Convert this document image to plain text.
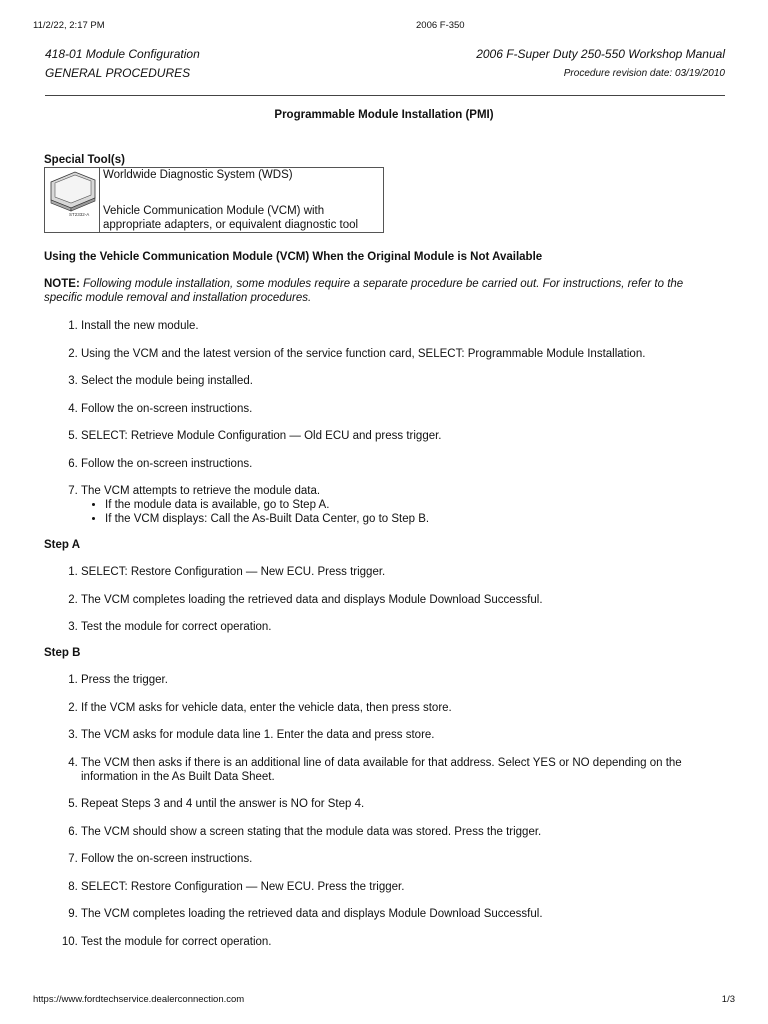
11/2/22, 2:17 PM	2006 F-350
418-01 Module Configuration
GENERAL PROCEDURES
2006 F-Super Duty 250-550 Workshop Manual
Procedure revision date: 03/19/2010
Programmable Module Installation (PMI)
Special Tool(s)
ST2332-A

Worldwide Diagnostic System (WDS)

Vehicle Communication Module (VCM) with appropriate adapters, or equivalent diagnostic tool

Using the Vehicle Communication Module (VCM) When the Original Module is Not Available

NOTE: Following module installation, some modules require a separate procedure be carried out. For instructions, refer to the specific module removal and installation procedures.

1. Install the new module.
2. Using the VCM and the latest version of the service function card, SELECT: Programmable Module Installation.
3. Select the module being installed.
4. Follow the on-screen instructions.
5. SELECT: Retrieve Module Configuration — Old ECU and press trigger.
6. Follow the on-screen instructions.
7. The VCM attempts to retrieve the module data.
• If the module data is available, go to Step A.
• If the VCM displays: Call the As-Built Data Center, go to Step B.
Step A
1. SELECT: Restore Configuration — New ECU. Press trigger.
2. The VCM completes loading the retrieved data and displays Module Download Successful.
3. Test the module for correct operation.
Step B
1. Press the trigger.
2. If the VCM asks for vehicle data, enter the vehicle data, then press store.
3. The VCM asks for module data line 1. Enter the data and press store.
4. The VCM then asks if there is an additional line of data available for that address. Select YES or NO depending on the information in the As Built Data Sheet.
5. Repeat Steps 3 and 4 until the answer is NO for Step 4.
6. The VCM should show a screen stating that the module data was stored. Press the trigger.
7. Follow the on-screen instructions.
8. SELECT: Restore Configuration — New ECU. Press the trigger.
9. The VCM completes loading the retrieved data and displays Module Download Successful.
10. Test the module for correct operation.
https://www.fordtechservice.dealerconnection.com	1/3
